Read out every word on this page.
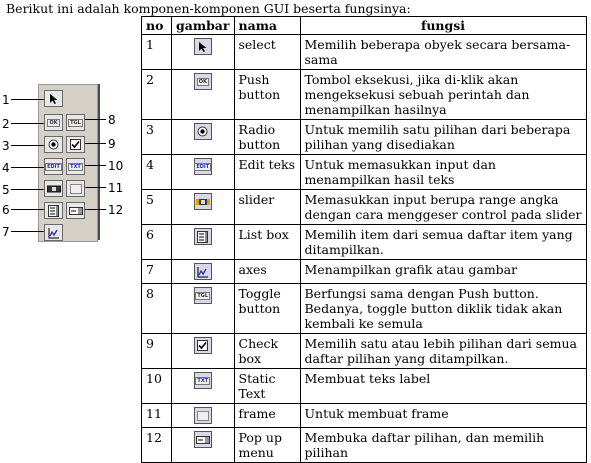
Berikut ini adalah komponen-komponen GUI beserta fungsinya:
OK	TGL
EDIT	TXT
1
2
3
4
5
6
7
8
9
10
11
12
no	gambar	nama	fungsi
1		select	Memilih beberapa obyek secara bersama-sama
2	OK	Push button	Tombol eksekusi, jika di-klik akan mengeksekusi sebuah perintah dan menampilkan hasilnya
3		Radio button	Untuk memilih satu pilihan dari beberapa pilihan yang disediakan
4	EDIT	Edit teks	Untuk memasukkan input dan menampilkan hasil teks
5		slider	Memasukkan input berupa range angka dengan cara menggeser control pada slider
6		List box	Memilih item dari semua daftar item yang ditampilkan.
7		axes	Menampilkan grafik atau gambar
8	TGL	Toggle button	Berfungsi sama dengan Push button. Bedanya, toggle button diklik tidak akan kembali ke semula
9		Check box	Memilih satu atau lebih pilihan dari semua daftar pilihan yang ditampilkan.
10	TXT	Static Text	Membuat teks label
11		frame	Untuk membuat frame
12		Pop up menu	Membuka daftar pilihan, dan memilih pilihan
